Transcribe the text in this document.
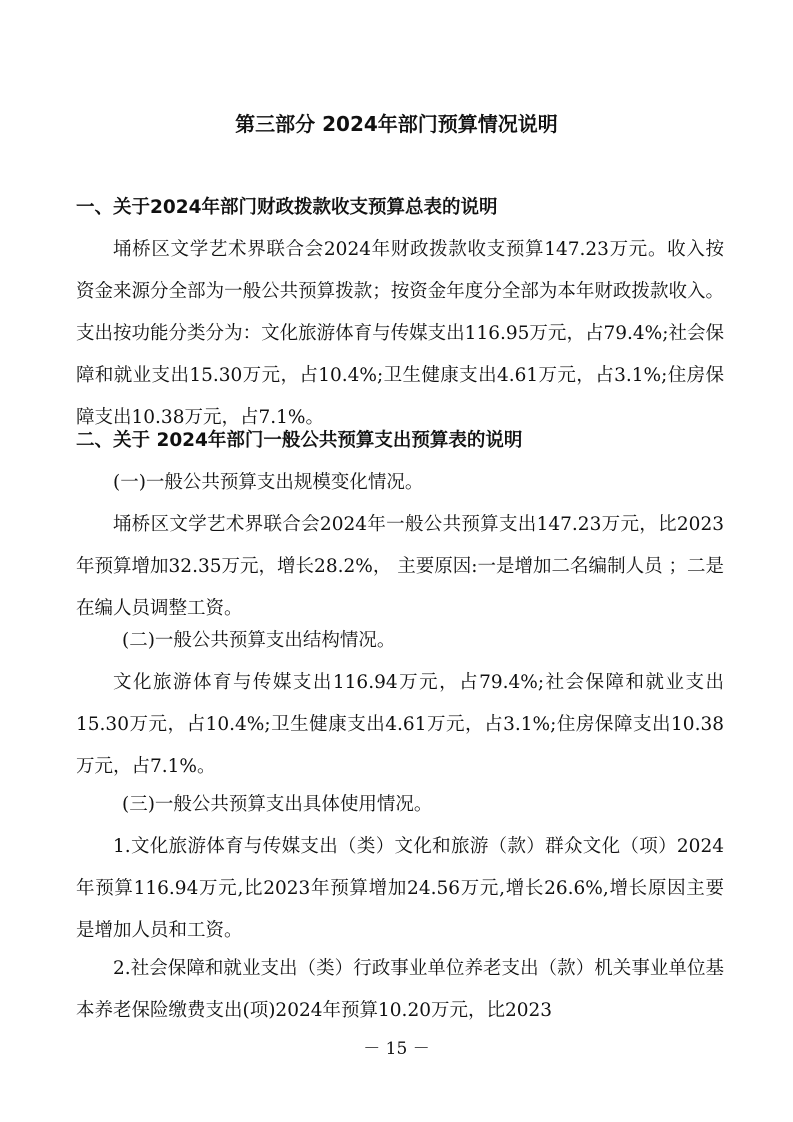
第三部分 2024年部门预算情况说明
一、关于2024年部门财政拨款收支预算总表的说明
埇桥区文学艺术界联合会2024年财政拨款收支预算147.23万元。收入按资金来源分全部为一般公共预算拨款；按资金年度分全部为本年财政拨款收入。支出按功能分类分为：文化旅游体育与传媒支出116.95万元，占79.4%;社会保障和就业支出15.30万元，占10.4%;卫生健康支出4.61万元，占3.1%;住房保障支出10.38万元，占7.1%。
二、关于 2024年部门一般公共预算支出预算表的说明
(一)一般公共预算支出规模变化情况。
埇桥区文学艺术界联合会2024年一般公共预算支出147.23万元，比2023年预算增加32.35万元，增长28.2%， 主要原因:一是增加二名编制人员 ；二是在编人员调整工资。
(二)一般公共预算支出结构情况。
文化旅游体育与传媒支出116.94万元，占79.4%;社会保障和就业支出15.30万元，占10.4%;卫生健康支出4.61万元，占3.1%;住房保障支出10.38万元，占7.1%。
(三)一般公共预算支出具体使用情况。
1.文化旅游体育与传媒支出（类）文化和旅游（款）群众文化（项）2024年预算116.94万元,比2023年预算增加24.56万元,增长26.6%,增长原因主要是增加人员和工资。
2.社会保障和就业支出（类）行政事业单位养老支出（款）机关事业单位基本养老保险缴费支出(项)2024年预算10.20万元，比2023
－ 15 －
